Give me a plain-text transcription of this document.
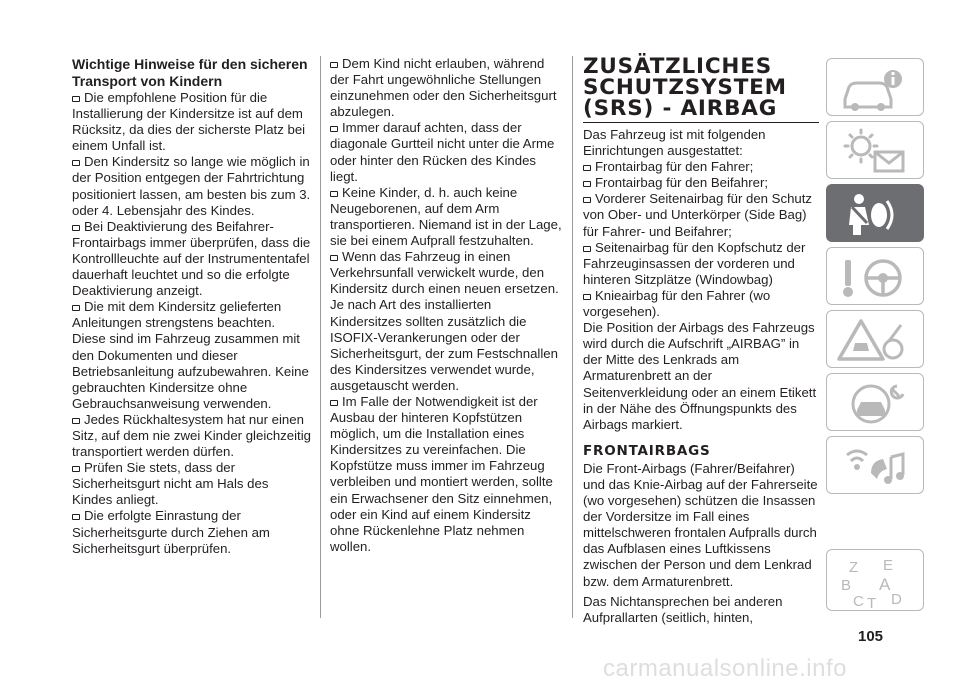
Wichtige Hinweise für den sicheren Transport von Kindern

Die empfohlene Position für die Installierung der Kindersitze ist auf dem Rücksitz, da dies der sicherste Platz bei einem Unfall ist.

Den Kindersitz so lange wie möglich in der Position entgegen der Fahrtrichtung positioniert lassen, am besten bis zum 3. oder 4. Lebensjahr des Kindes.

Bei Deaktivierung des Beifahrer-Frontairbags immer überprüfen, dass die Kontrollleuchte auf der Instrumententafel dauerhaft leuchtet und so die erfolgte Deaktivierung anzeigt.

Die mit dem Kindersitz gelieferten Anleitungen strengstens beachten. Diese sind im Fahrzeug zusammen mit den Dokumenten und dieser Betriebsanleitung aufzubewahren. Keine gebrauchten Kindersitze ohne Gebrauchsanweisung verwenden.

Jedes Rückhaltesystem hat nur einen Sitz, auf dem nie zwei Kinder gleichzeitig transportiert werden dürfen.

Prüfen Sie stets, dass der Sicherheitsgurt nicht am Hals des Kindes anliegt.

Die erfolgte Einrastung der Sicherheitsgurte durch Ziehen am Sicherheitsgurt überprüfen.

Dem Kind nicht erlauben, während der Fahrt ungewöhnliche Stellungen einzunehmen oder den Sicherheitsgurt abzulegen.

Immer darauf achten, dass der diagonale Gurtteil nicht unter die Arme oder hinter den Rücken des Kindes liegt.

Keine Kinder, d. h. auch keine Neugeborenen, auf dem Arm transportieren. Niemand ist in der Lage, sie bei einem Aufprall festzuhalten.

Wenn das Fahrzeug in einen Verkehrsunfall verwickelt wurde, den Kindersitz durch einen neuen ersetzen. Je nach Art des installierten Kindersitzes sollten zusätzlich die ISOFIX-Verankerungen oder der Sicherheitsgurt, der zum Festschnallen des Kindersitzes verwendet wurde, ausgetauscht werden.

Im Falle der Notwendigkeit ist der Ausbau der hinteren Kopfstützen möglich, um die Installation eines Kindersitzes zu vereinfachen. Die Kopfstütze muss immer im Fahrzeug verbleiben und montiert werden, sollte ein Erwachsener den Sitz einnehmen, oder ein Kind auf einem Kindersitz ohne Rückenlehne Platz nehmen wollen.

ZUSÄTZLICHES
SCHUTZSYSTEM
(SRS) - AIRBAG

Das Fahrzeug ist mit folgenden Einrichtungen ausgestattet:

Frontairbag für den Fahrer;

Frontairbag für den Beifahrer;

Vorderer Seitenairbag für den Schutz von Ober- und Unterkörper (Side Bag) für Fahrer- und Beifahrer;

Seitenairbag für den Kopfschutz der Fahrzeuginsassen der vorderen und hinteren Sitzplätze (Windowbag)

Knieairbag für den Fahrer (wo vorgesehen).

Die Position der Airbags des Fahrzeugs wird durch die Aufschrift „AIRBAG” in der Mitte des Lenkrads am Armaturenbrett an der Seitenverkleidung oder an einem Etikett in der Nähe des Öffnungspunkts des Airbags markiert.

FRONTAIRBAGS

Die Front-Airbags (Fahrer/Beifahrer) und das Knie-Airbag auf der Fahrerseite (wo vorgesehen) schützen die Insassen der Vordersitze im Fall eines mittelschweren frontalen Aufpralls durch das Aufblasen eines Luftkissens zwischen der Person und dem Lenkrad bzw. dem Armaturenbrett.

Das Nichtansprechen bei anderen Aufprallarten (seitlich, hinten,

Z E
B A
C T D
105
carmanualsonline.info
